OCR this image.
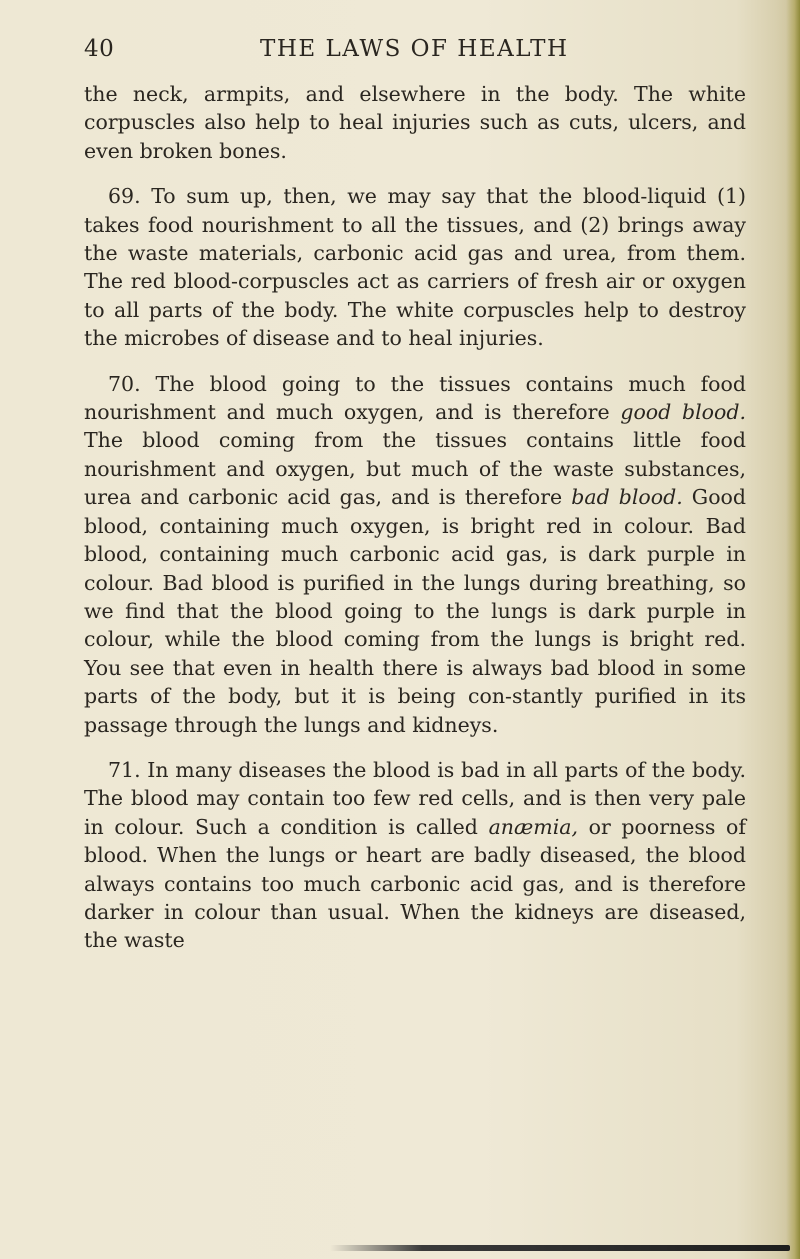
40	THE LAWS OF HEALTH

the neck, armpits, and elsewhere in the body. The white corpuscles also help to heal injuries such as cuts, ulcers, and even broken bones.

69. To sum up, then, we may say that the blood-liquid (1) takes food nourishment to all the tissues, and (2) brings away the waste materials, carbonic acid gas and urea, from them. The red blood-corpuscles act as carriers of fresh air or oxygen to all parts of the body. The white corpuscles help to destroy the microbes of disease and to heal injuries.

70. The blood going to the tissues contains much food nourishment and much oxygen, and is therefore good blood. The blood coming from the tissues contains little food nourishment and oxygen, but much of the waste substances, urea and carbonic acid gas, and is therefore bad blood. Good blood, containing much oxygen, is bright red in colour. Bad blood, containing much carbonic acid gas, is dark purple in colour. Bad blood is purified in the lungs during breathing, so we find that the blood going to the lungs is dark purple in colour, while the blood coming from the lungs is bright red. You see that even in health there is always bad blood in some parts of the body, but it is being con-stantly purified in its passage through the lungs and kidneys.

71. In many diseases the blood is bad in all parts of the body. The blood may contain too few red cells, and is then very pale in colour. Such a condition is called anæmia, or poorness of blood. When the lungs or heart are badly diseased, the blood always contains too much carbonic acid gas, and is therefore darker in colour than usual. When the kidneys are diseased, the waste
